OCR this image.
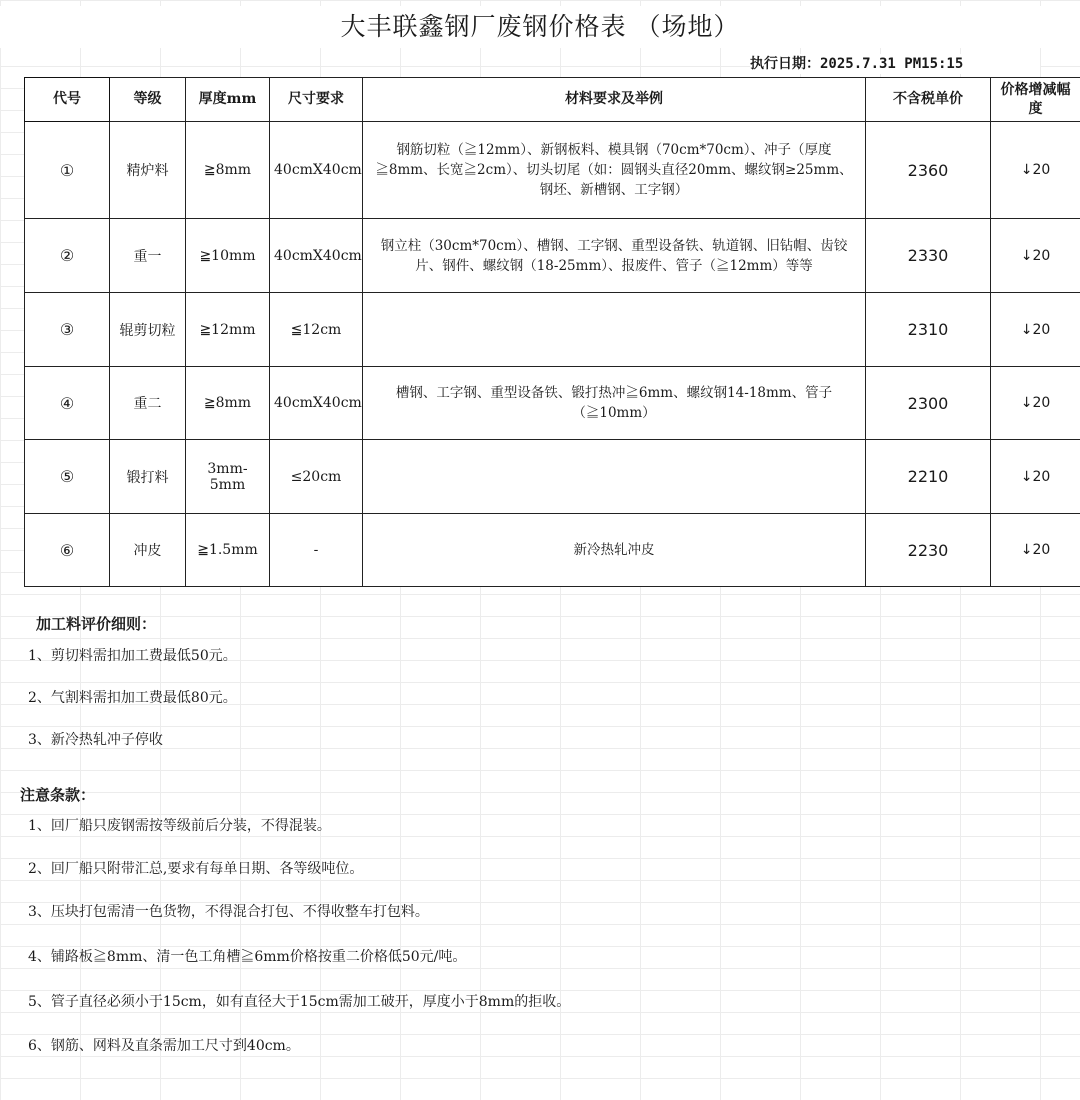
大丰联鑫钢厂废钢价格表 （场地）
执行日期：2025.7.31 PM15:15
代号	等级	厚度mm	尺寸要求	材料要求及举例	不含税单价	价格增减幅度
①	精炉料	≧8mm	40cmX40cm	钢筋切粒（≧12mm）、新钢板料、模具钢（70cm*70cm）、冲子（厚度≧8mm、长宽≧2cm）、切头切尾（如：圆钢头直径20mm、螺纹钢≥25mm、钢坯、新槽钢、工字钢）	2360	↓20
②	重一	≧10mm	40cmX40cm	钢立柱（30cm*70cm）、槽钢、工字钢、重型设备铁、轨道钢、旧钻帽、齿铰片、钢件、螺纹钢（18-25mm）、报废件、管子（≧12mm）等等	2330	↓20
③	辊剪切粒	≧12mm	≦12cm		2310	↓20
④	重二	≧8mm	40cmX40cm	槽钢、工字钢、重型设备铁、锻打热冲≧6mm、螺纹钢14-18mm、管子（≧10mm）	2300	↓20
⑤	锻打料	3mm-5mm	≤20cm		2210	↓20
⑥	冲皮	≧1.5mm	-	新冷热轧冲皮	2230	↓20
加工料评价细则：
1、剪切料需扣加工费最低50元。
2、气割料需扣加工费最低80元。
3、新冷热轧冲子停收
注意条款：
1、回厂船只废钢需按等级前后分装，不得混装。
2、回厂船只附带汇总,要求有每单日期、各等级吨位。
3、压块打包需清一色货物，不得混合打包、不得收整车打包料。
4、铺路板≧8mm、清一色工角槽≧6mm价格按重二价格低50元/吨。
5、管子直径必须小于15cm，如有直径大于15cm需加工破开，厚度小于8mm的拒收。
6、钢筋、网料及直条需加工尺寸到40cm。
